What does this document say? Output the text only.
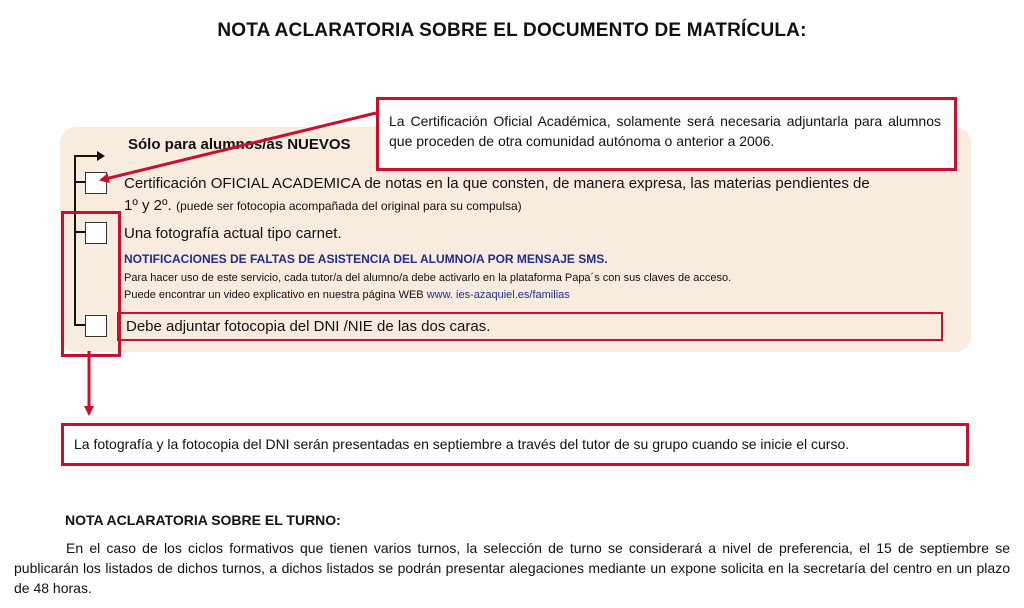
NOTA ACLARATORIA SOBRE EL DOCUMENTO DE MATRÍCULA:
Sólo para alumnos/as NUEVOS
Certificación OFICIAL ACADEMICA de notas en la que consten, de manera expresa, las materias pendientes de
1º y 2º. (puede ser fotocopia acompañada del original para su compulsa)
Una fotografía actual tipo carnet.
NOTIFICACIONES DE FALTAS DE ASISTENCIA DEL ALUMNO/A POR MENSAJE SMS.
Para hacer uso de este servicio, cada tutor/a del alumno/a debe activarlo en la plataforma Papa´s con sus claves de acceso.
Puede encontrar un video explicativo en nuestra página WEB www. ies-azaquiel.es/familias
Debe adjuntar fotocopia del DNI /NIE de las dos caras.
La Certificación Oficial Académica, solamente será necesaria adjuntarla para alumnos que proceden de otra comunidad autónoma o anterior a 2006.
La fotografía y la fotocopia del DNI serán presentadas en septiembre a través del tutor de su grupo cuando se inicie el curso.
NOTA ACLARATORIA SOBRE EL TURNO:
En el caso de los ciclos formativos que tienen varios turnos, la selección de turno se considerará a nivel de preferencia, el 15 de septiembre se publicarán los listados de dichos turnos, a dichos listados se podrán presentar alegaciones mediante un expone solicita en la secretaría del centro en un plazo de 48 horas.
